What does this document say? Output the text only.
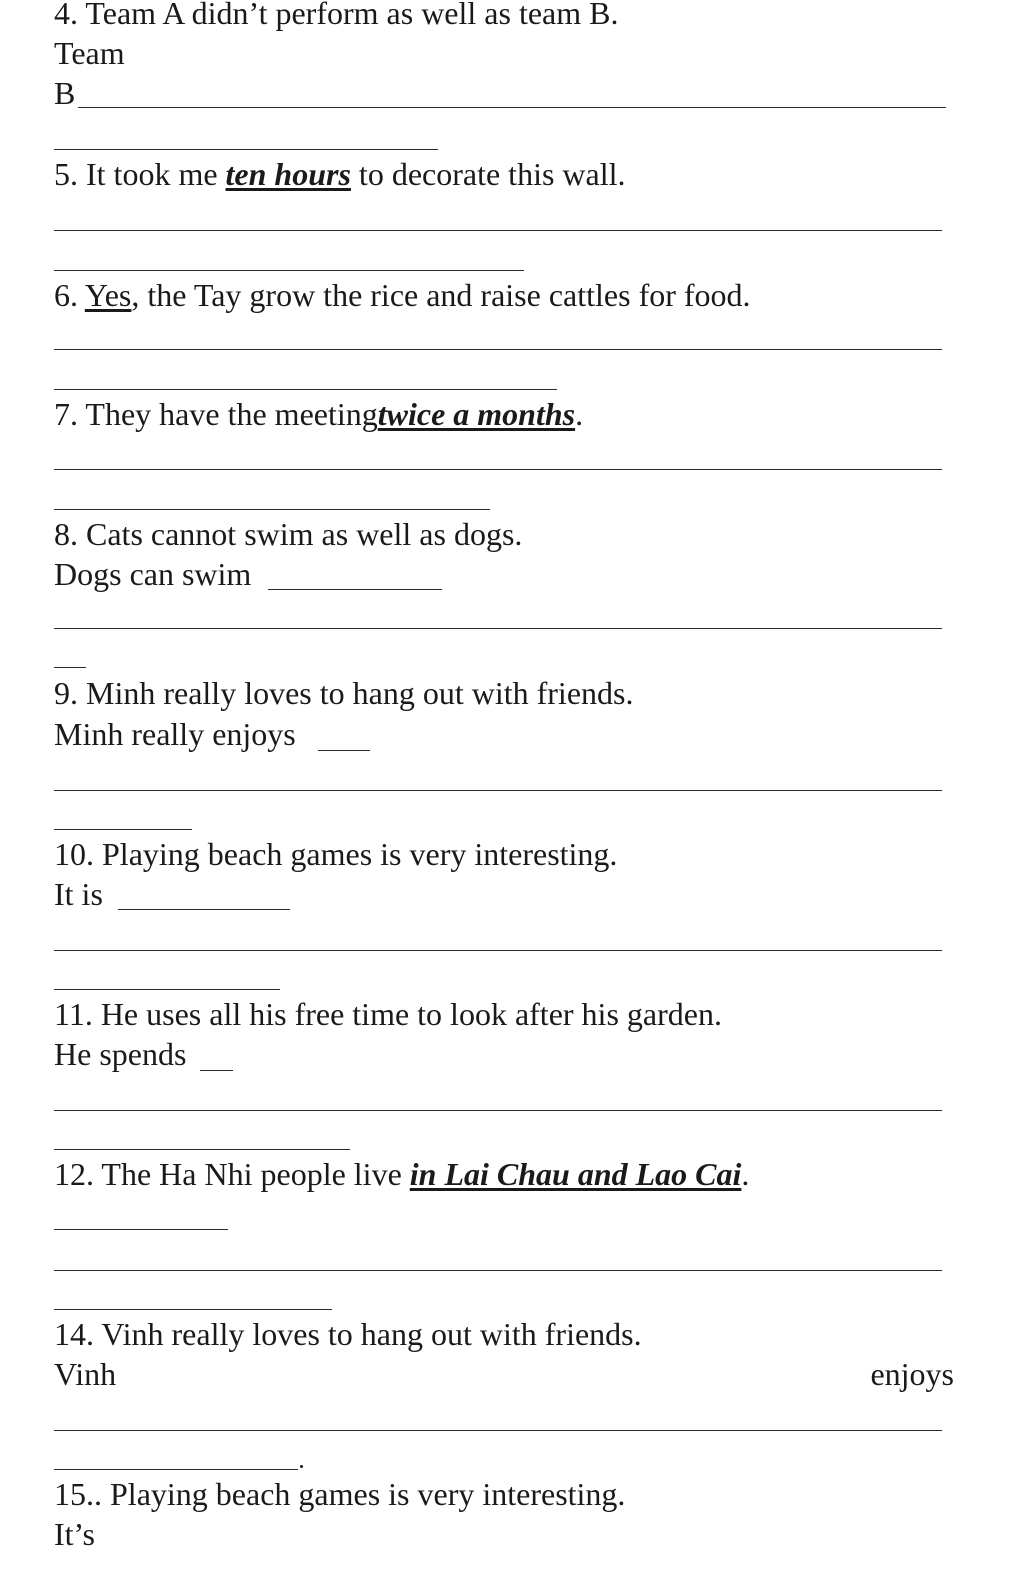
4. Team A didn’t perform as well as team B.
Team
B
5. It took me ten hours to decorate this wall.
6. Yes, the Tay grow the rice and raise cattles for food.
7. They have the meetingtwice a months.
8. Cats cannot swim as well as dogs.
Dogs can swim
9. Minh really loves to hang out with friends.
Minh really enjoys
10. Playing beach games is very interesting.
It is
11. He uses all his free time to look after his garden.
He spends
12. The Ha Nhi people live in Lai Chau and Lao Cai.
14. Vinh really loves to hang out with friends.
Vinh	enjoys
15.. Playing beach games is very interesting.
It’s
